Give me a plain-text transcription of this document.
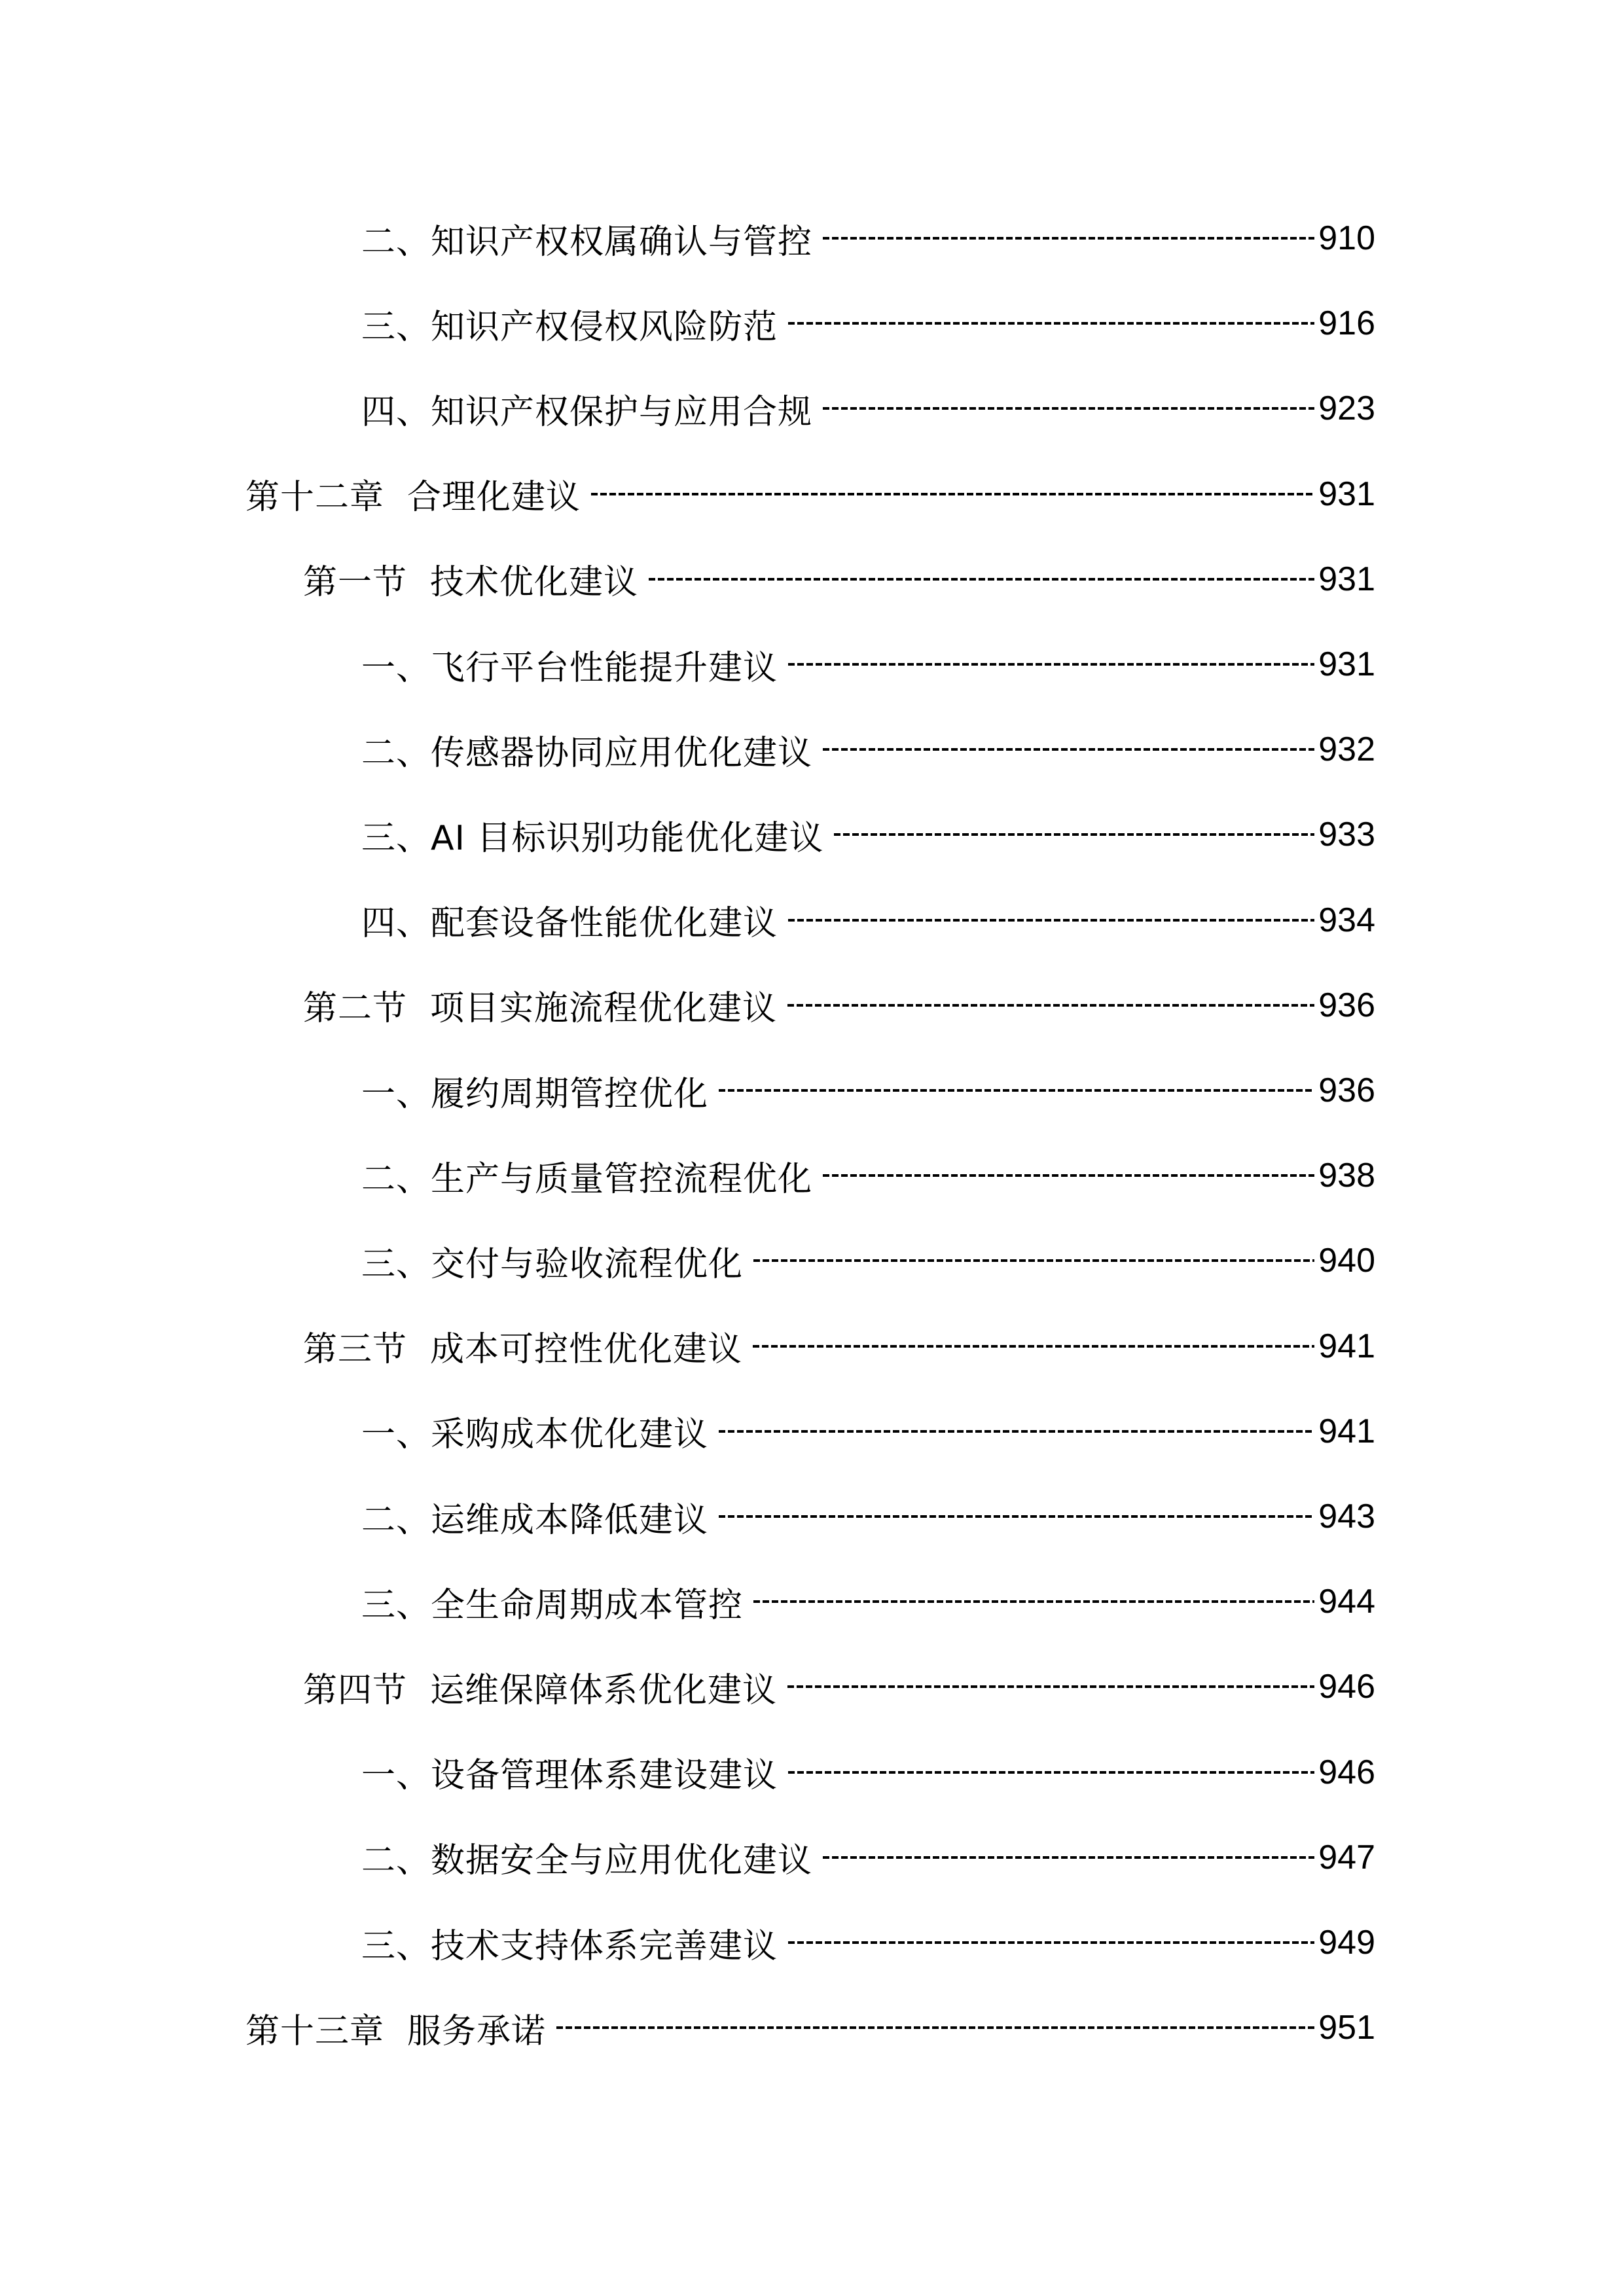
二、知识产权权属确认与管控	910
三、知识产权侵权风险防范	916
四、知识产权保护与应用合规	923
第十二章  合理化建议	931
第一节  技术优化建议	931
一、飞行平台性能提升建议	931
二、传感器协同应用优化建议	932
三、AI 目标识别功能优化建议	933
四、配套设备性能优化建议	934
第二节  项目实施流程优化建议	936
一、履约周期管控优化	936
二、生产与质量管控流程优化	938
三、交付与验收流程优化	940
第三节  成本可控性优化建议	941
一、采购成本优化建议	941
二、运维成本降低建议	943
三、全生命周期成本管控	944
第四节  运维保障体系优化建议	946
一、设备管理体系建设建议	946
二、数据安全与应用优化建议	947
三、技术支持体系完善建议	949
第十三章  服务承诺	951
